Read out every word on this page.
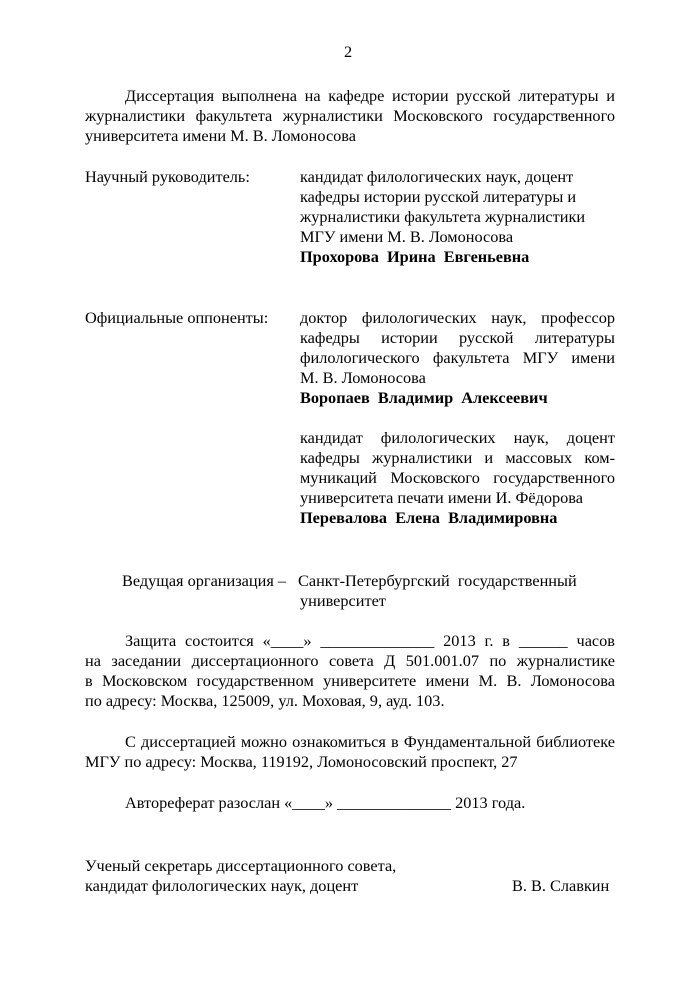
2
Диссертация выполнена на кафедре истории русской литературы и
журналистики факультета журналистики Московского государственного
университета имени М. В. Ломоносова
Научный руководитель:	кандидат филологических наук, доцент
кафедры истории русской литературы и
журналистики факультета журналистики
МГУ имени М. В. Ломоносова
Прохорова  Ирина  Евгеньевна
Официальные оппоненты: доктор филологических наук, профессор
кафедры истории русской литературы
филологического факультета МГУ имени
М. В. Ломоносова
Воропаев  Владимир  Алексеевич
кандидат филологических наук, доцент
кафедры журналистики и массовых ком-
муникаций Московского государственного
университета печати имени И. Фёдорова
Перевалова  Елена  Владимировна
Ведущая организация – Санкт-Петербургский  государственный
университет
Защита состоится «____» ______________ 2013 г. в ______ часов
на заседании диссертационного совета Д 501.001.07 по журналистике
в Московском государственном университете имени М. В. Ломоносова
по адресу: Москва, 125009, ул. Моховая, 9, ауд. 103.
С диссертацией можно ознакомиться в Фундаментальной библиотеке
МГУ по адресу: Москва, 119192, Ломоносовский проспект, 27
Автореферат разослан «____» ______________ 2013 года.
Ученый секретарь диссертационного совета,
кандидат филологических наук, доцент	В. В. Славкин
